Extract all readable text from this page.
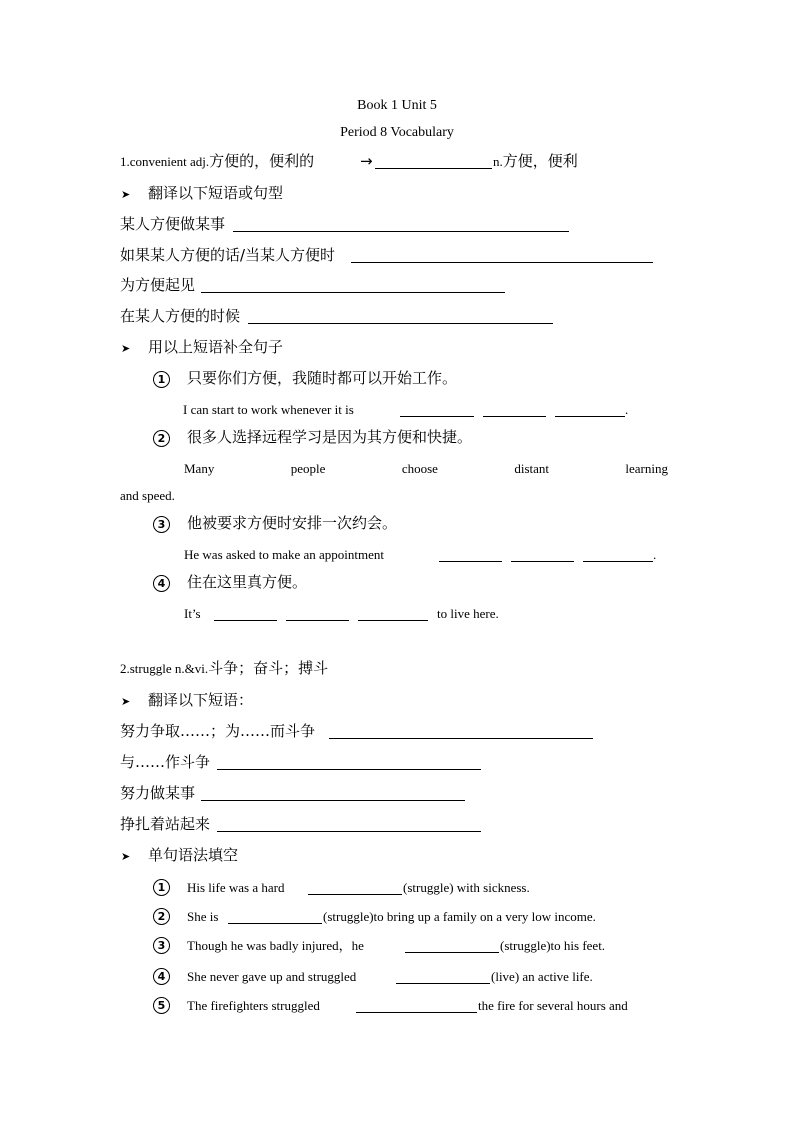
Book 1 Unit 5
Period 8 Vocabulary
1.convenient adj.方便的，便利的	→	n.方便，便利
➤ 翻译以下短语或句型
某人方便做某事
如果某人方便的话/当某人方便时
为方便起见
在某人方便的时候
➤ 用以上短语补全句子
1	只要你们方便，我随时都可以开始工作。
I can start to work whenever it is	.
2	很多人选择远程学习是因为其方便和快捷。
Many	people	choose	distant	learning
and speed.
3	他被要求方便时安排一次约会。
He was asked to make an appointment	.
4	住在这里真方便。
It’s	to live here.
2.struggle n.&vi.斗争；奋斗；搏斗
➤ 翻译以下短语：
努力争取……；为……而斗争
与……作斗争
努力做某事
挣扎着站起来
➤ 单句语法填空
1	His life was a hard	(struggle) with sickness.
2	She is	(struggle)to bring up a family on a very low income.
3	Though he was badly injured，he	(struggle)to his feet.
4	She never gave up and struggled	(live) an active life.
5	The firefighters struggled	the fire for several hours and
